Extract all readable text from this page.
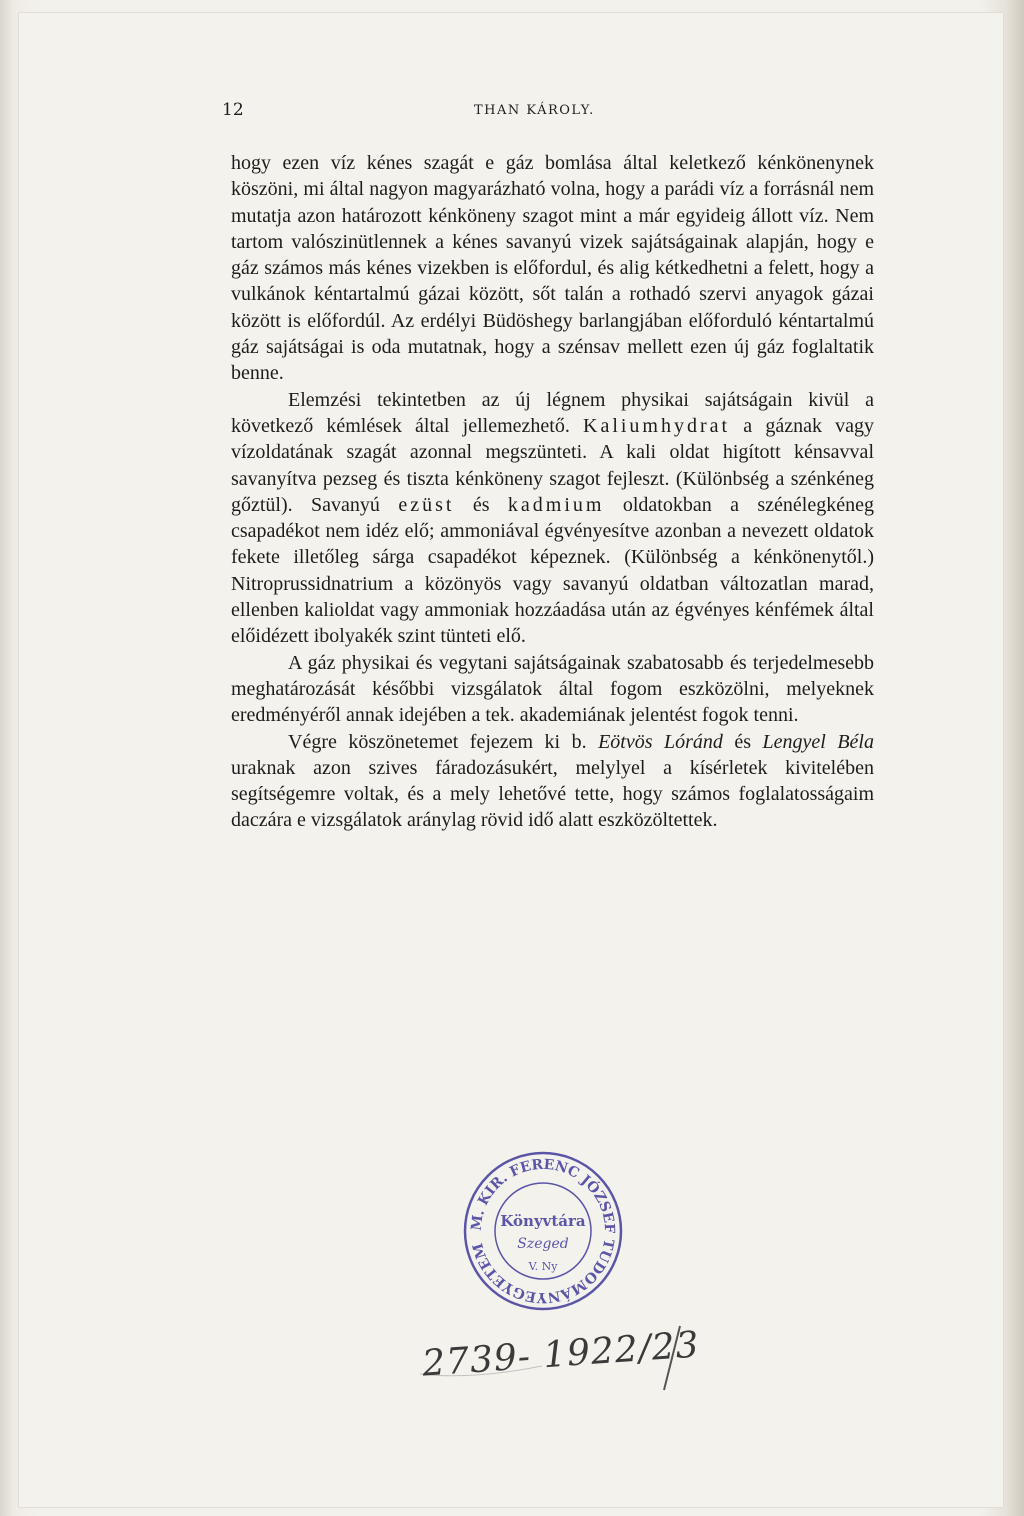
12	THAN KÁROLY.

hogy ezen víz kénes szagát e gáz bomlása által keletkező kénkönenynek köszöni, mi által nagyon magyarázható volna, hogy a parádi víz a forrásnál nem mutatja azon határozott kénköneny szagot mint a már egyideig állott víz. Nem tartom valószinütlennek a kénes savanyú vizek sajátságainak alapján, hogy e gáz számos más kénes vizekben is előfordul, és alig kétkedhetni a felett, hogy a vulkánok kéntartalmú gázai között, sőt talán a rothadó szervi anyagok gázai között is előfordúl. Az erdélyi Büdöshegy barlangjában előforduló kéntartalmú gáz sajátságai is oda mutatnak, hogy a szénsav mellett ezen új gáz foglaltatik benne.

Elemzési tekintetben az új légnem physikai sajátságain kivül a következő kémlések által jellemezhető. Kaliumhydrat a gáznak vagy vízoldatának szagát azonnal megszünteti. A kali oldat higított kénsavval savanyítva pezseg és tiszta kénköneny szagot fejleszt. (Különbség a szénkéneg gőztül). Savanyú ezüst és kadmium oldatokban a szénélegkéneg csapadékot nem idéz elő; ammoniával égvényesítve azonban a nevezett oldatok fekete illetőleg sárga csapadékot képeznek. (Különbség a kénkönenytől.) Nitroprussidnatrium a közönyös vagy savanyú oldatban változatlan marad, ellenben kalioldat vagy ammoniak hozzáadása után az égvényes kénfémek által előidézett ibolyakék szint tünteti elő.

A gáz physikai és vegytani sajátságainak szabatosabb és terjedelmesebb meghatározását későbbi vizsgálatok által fogom eszközölni, melyeknek eredményéről annak idejében a tek. akademiának jelentést fogok tenni.

Végre köszönetemet fejezem ki b. Eötvös Lóránd és Lengyel Béla uraknak azon szives fáradozásukért, melylyel a kísérletek kivitelében segítségemre voltak, és a mely lehetővé tette, hogy számos foglalatosságaim daczára e vizsgálatok aránylag rövid idő alatt eszközöltettek.

M. KIR. FERENC JÓZSEF TUDOMÁNYEGYETEM
Könyvtára
Szeged
V. Ny
2739- 1922/23
